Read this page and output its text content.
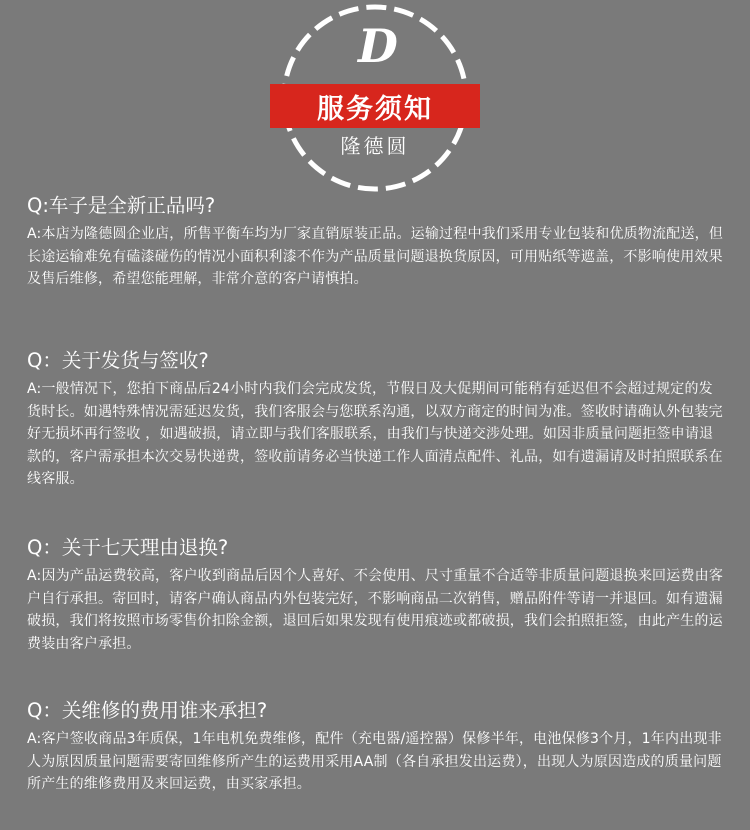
D
服务须知
隆德圆

Q:车子是全新正品吗?

A:本店为隆德圆企业店，所售平衡车均为厂家直销原装正品。运输过程中我们采用专业包装和优质物流配送，但长途运输难免有磕漆碰伤的情况小面积利漆不作为产品质量问题退换货原因，可用贴纸等遮盖，不影响使用效果及售后维修，希望您能理解，非常介意的客户请慎拍。

Q：关于发货与签收?

A:一般情况下，您拍下商品后24小时内我们会完成发货，节假日及大促期间可能稍有延迟但不会超过规定的发货时长。如遇特殊情况需延迟发货，我们客服会与您联系沟通，以双方商定的时间为准。签收时请确认外包装完好无损坏再行签收 ，如遇破损，请立即与我们客服联系，由我们与快递交涉处理。如因非质量问题拒签申请退款的，客户需承担本次交易快递费，签收前请务必当快递工作人面清点配件、礼品，如有遗漏请及时拍照联系在线客服。

Q：关于七天理由退换?

A:因为产品运费较高，客户收到商品后因个人喜好、不会使用、尺寸重量不合适等非质量问题退换来回运费由客户自行承担。寄回时，请客户确认商品内外包装完好，不影响商品二次销售，赠品附件等请一并退回。如有遗漏破损，我们将按照市场零售价扣除金额，退回后如果发现有使用痕迹或都破损，我们会拍照拒签，由此产生的运费装由客户承担。

Q：关维修的费用谁来承担?

A:客户签收商品3年质保，1年电机免费维修，配件（充电器/遥控器）保修半年，电池保修3个月，1年内出现非人为原因质量问题需要寄回维修所产生的运费用采用AA制（各自承担发出运费），出现人为原因造成的质量问题所产生的维修费用及来回运费，由买家承担。
